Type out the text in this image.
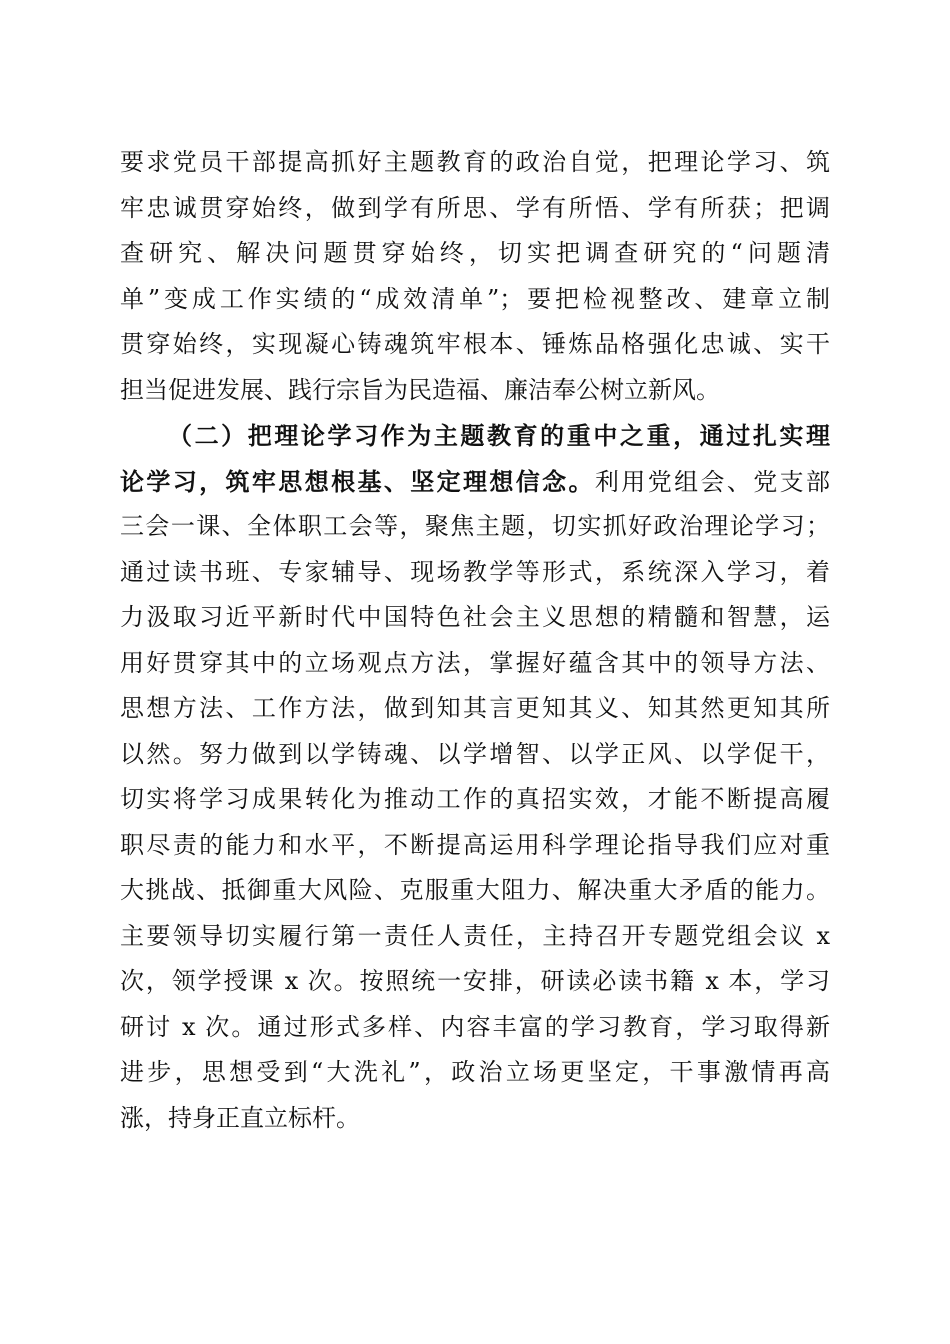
要求党员干部提高抓好主题教育的政治自觉，把理论学习、筑
牢忠诚贯穿始终，做到学有所思、学有所悟、学有所获；把调
查研究、解决问题贯穿始终，切实把调查研究的“问题清
单”变成工作实绩的“成效清单”；要把检视整改、建章立制
贯穿始终，实现凝心铸魂筑牢根本、锤炼品格强化忠诚、实干
担当促进发展、践行宗旨为民造福、廉洁奉公树立新风。
（二）把理论学习作为主题教育的重中之重，通过扎实理
论学习，筑牢思想根基、坚定理想信念。利用党组会、党支部
三会一课、全体职工会等，聚焦主题，切实抓好政治理论学习；
通过读书班、专家辅导、现场教学等形式，系统深入学习，着
力汲取习近平新时代中国特色社会主义思想的精髓和智慧，运
用好贯穿其中的立场观点方法，掌握好蕴含其中的领导方法、
思想方法、工作方法，做到知其言更知其义、知其然更知其所
以然。努力做到以学铸魂、以学增智、以学正风、以学促干，
切实将学习成果转化为推动工作的真招实效，才能不断提高履
职尽责的能力和水平，不断提高运用科学理论指导我们应对重
大挑战、抵御重大风险、克服重大阻力、解决重大矛盾的能力。
主要领导切实履行第一责任人责任，主持召开专题党组会议 x
次，领学授课 x 次。按照统一安排，研读必读书籍 x 本，学习
研讨 x 次。通过形式多样、内容丰富的学习教育，学习取得新
进步，思想受到“大洗礼”，政治立场更坚定，干事激情再高
涨，持身正直立标杆。
